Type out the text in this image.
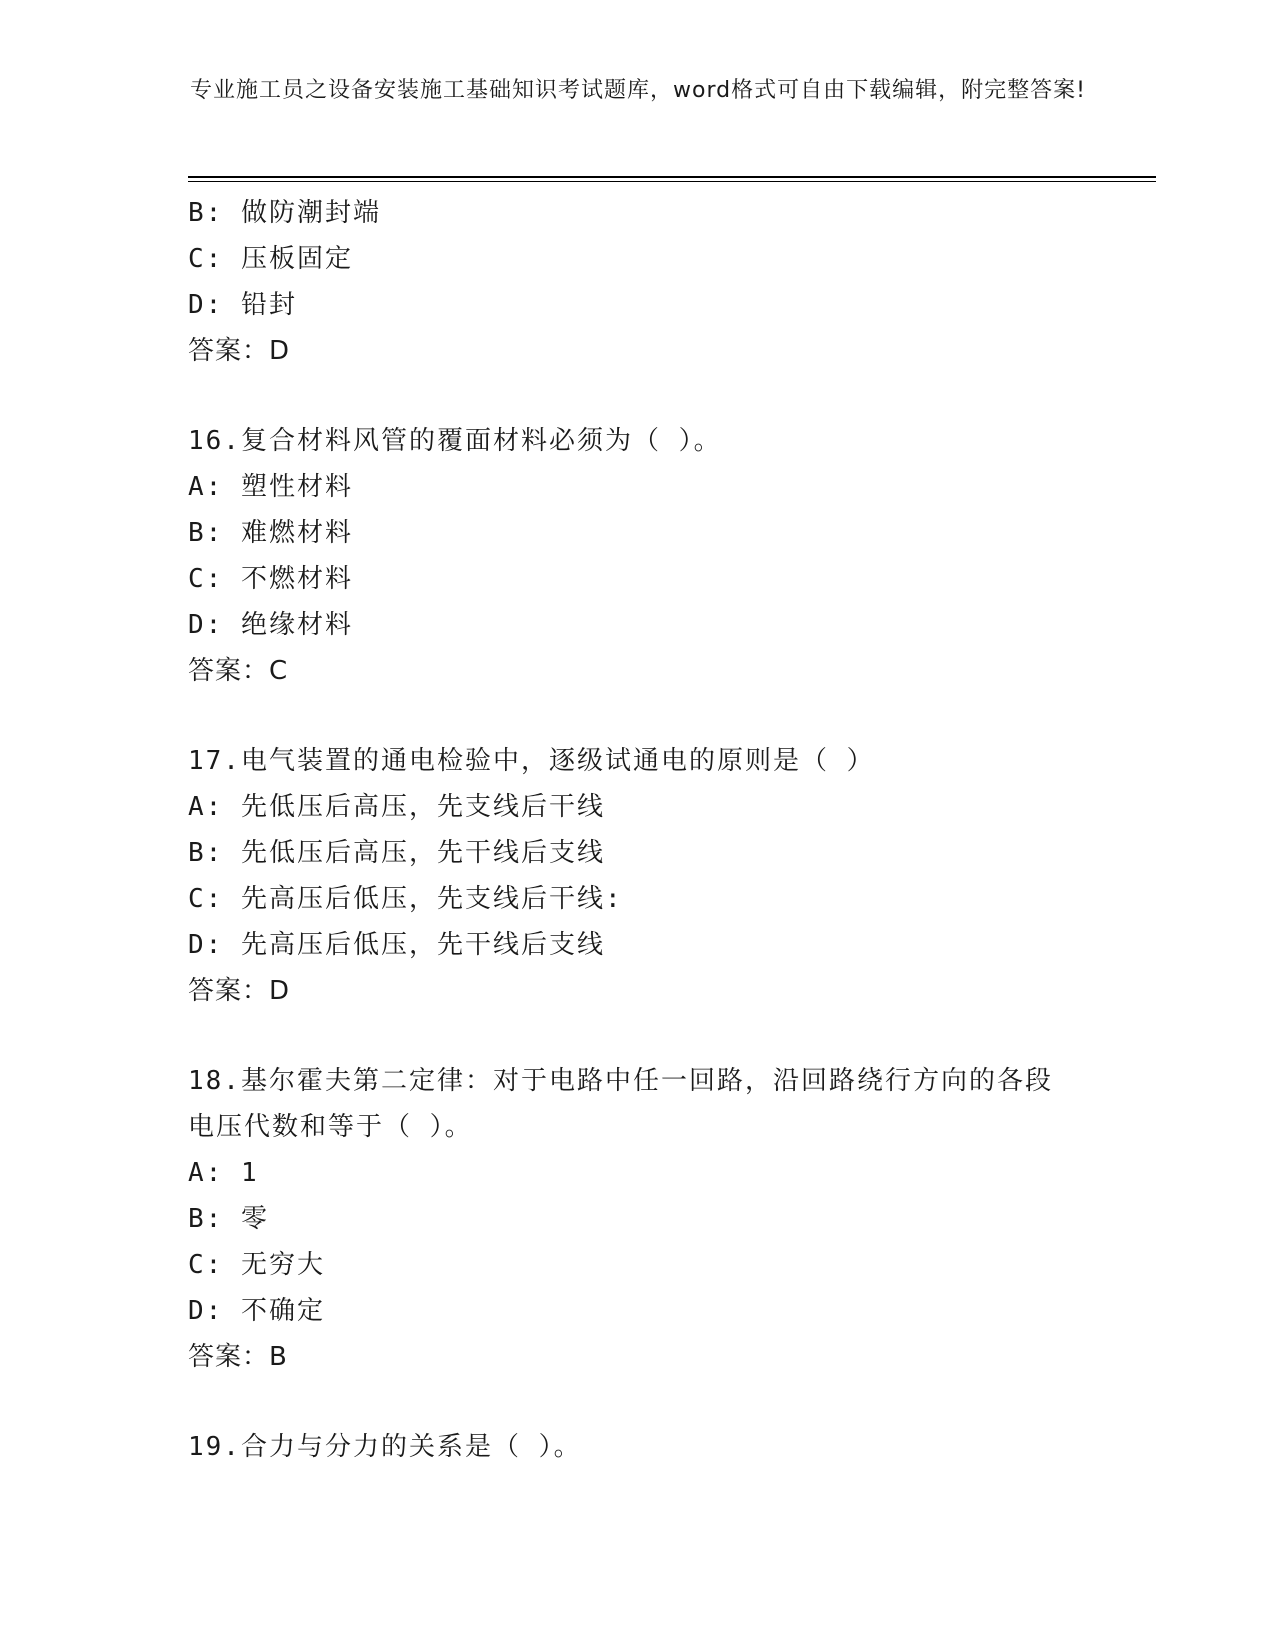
专业施工员之设备安装施工基础知识考试题库，word格式可自由下载编辑，附完整答案!
B: 做防潮封端
C: 压板固定
D: 铅封
答案：D
16.复合材料风管的覆面材料必须为（ ）。
A: 塑性材料
B: 难燃材料
C: 不燃材料
D: 绝缘材料
答案：C
17.电气装置的通电检验中，逐级试通电的原则是（ ）
A: 先低压后高压，先支线后干线
B: 先低压后高压，先干线后支线
C: 先高压后低压，先支线后干线:
D: 先高压后低压，先干线后支线
答案：D
18.基尔霍夫第二定律：对于电路中任一回路，沿回路绕行方向的各段
电压代数和等于（ ）。
A: 1
B: 零
C: 无穷大
D: 不确定
答案：B
19.合力与分力的关系是（ ）。
